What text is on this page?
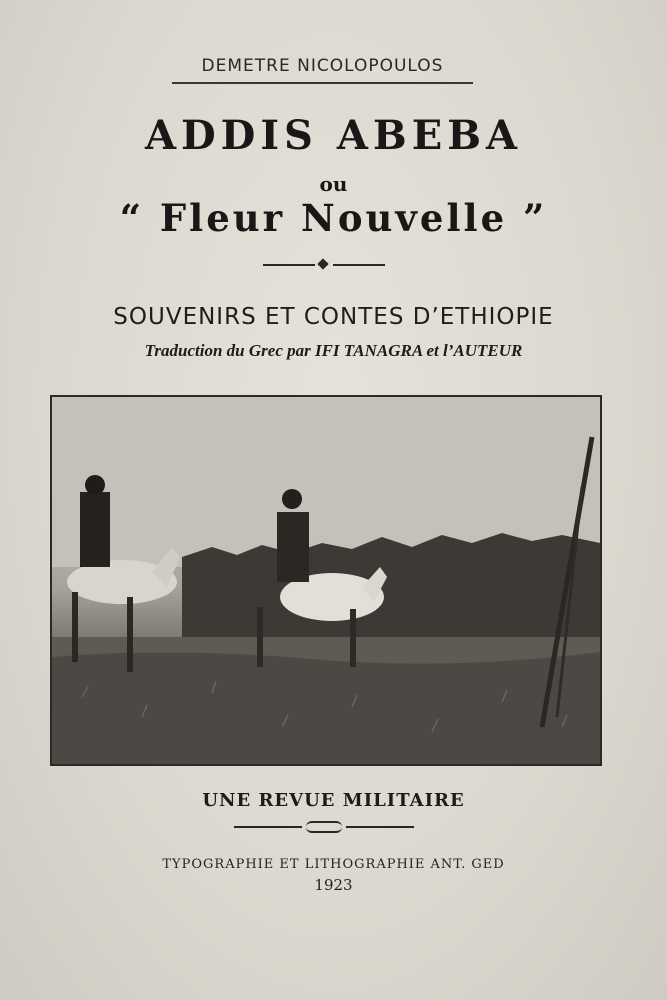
DEMETRE NICOLOPOULOS
ADDIS ABEBA
ou
“ Fleur Nouvelle ”
SOUVENIRS ET CONTES D’ETHIOPIE
Traduction du Grec par IFI TANAGRA et l’AUTEUR
UNE REVUE MILITAIRE
TYPOGRAPHIE ET LITHOGRAPHIE ANT. GED
1923
